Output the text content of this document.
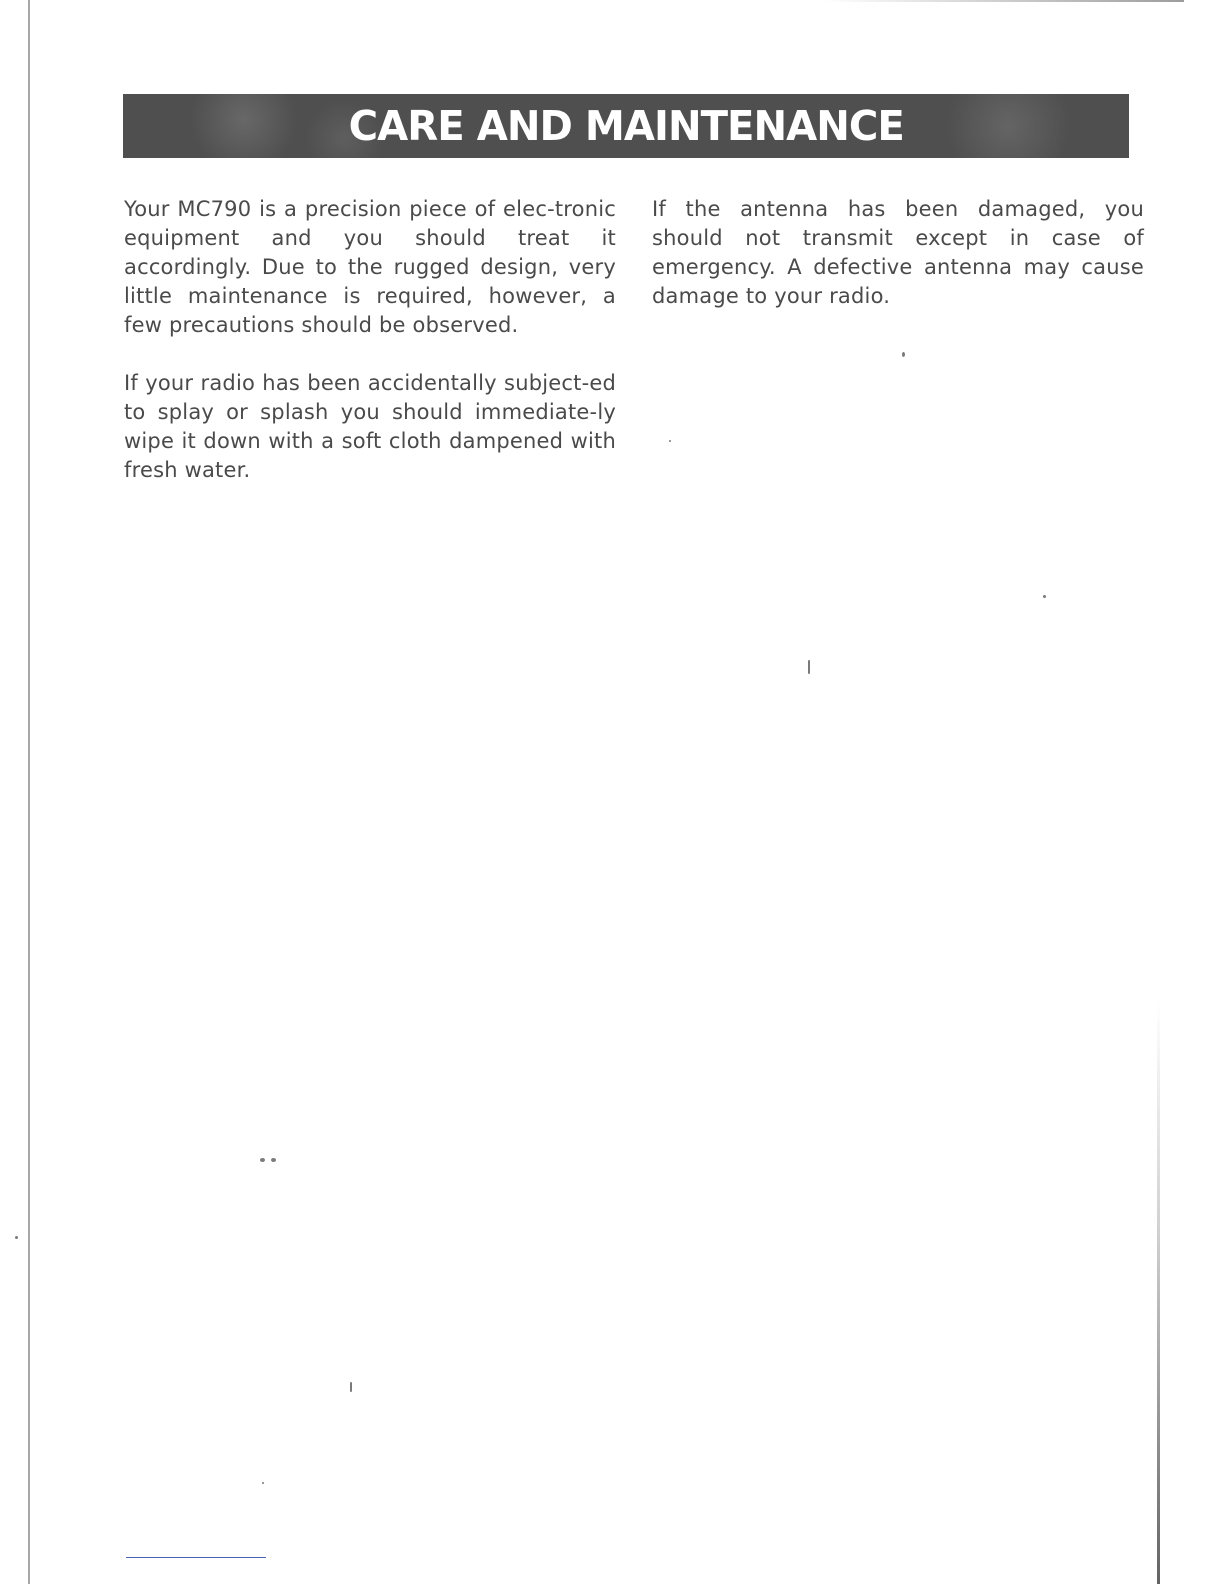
CARE AND MAINTENANCE

Your MC790 is a precision piece of elec-tronic equipment and you should treat it accordingly. Due to the rugged design, very little maintenance is required, however, a few precautions should be observed.

If your radio has been accidentally subject-ed to splay or splash you should immediate-ly wipe it down with a soft cloth dampened with fresh water.

If the antenna has been damaged, you should not transmit except in case of emergency. A defective antenna may cause damage to your radio.
